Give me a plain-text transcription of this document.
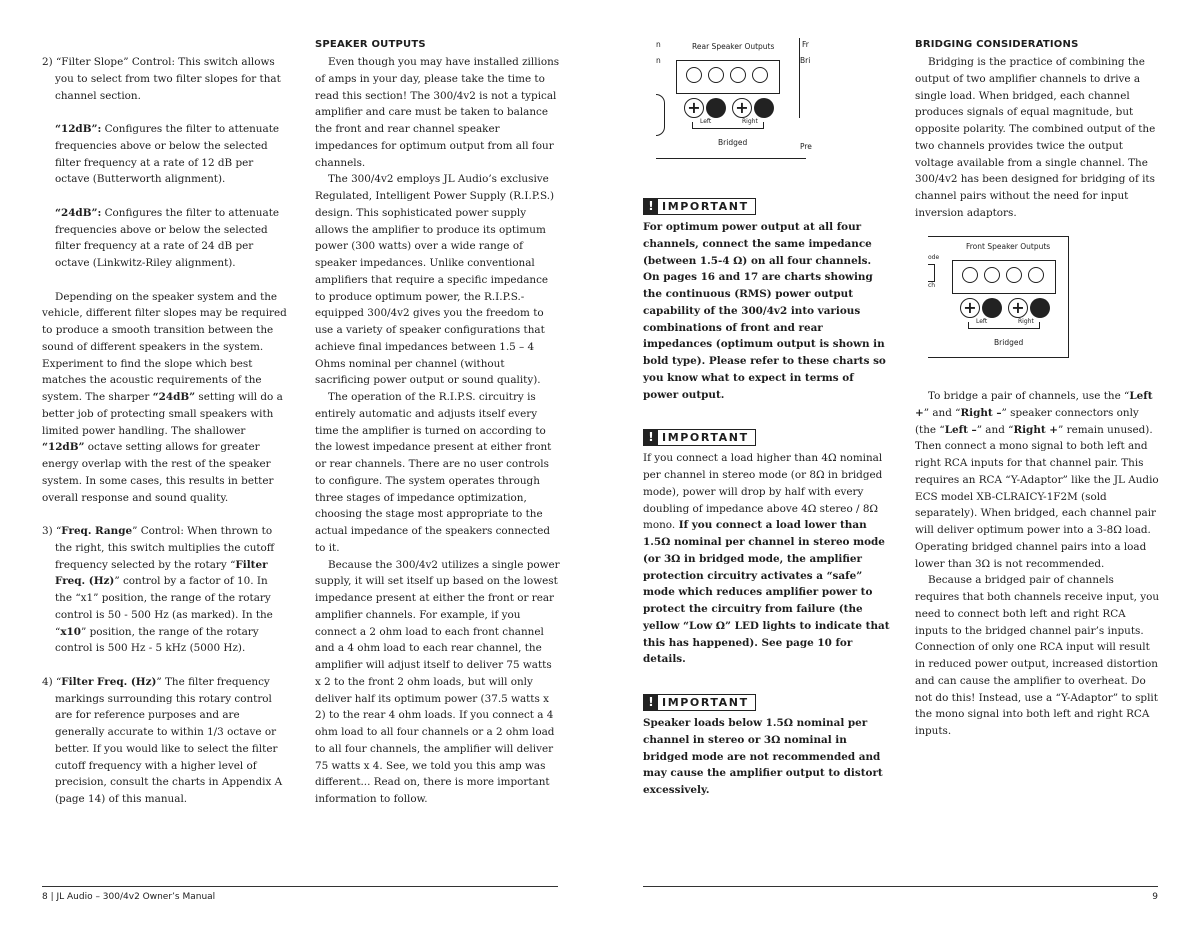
2) “Filter Slope” Control: This switch allows you to select from two filter slopes for that channel section.

“12dB”: Configures the filter to attenuate frequencies above or below the selected filter frequency at a rate of 12 dB per octave (Butterworth alignment).

“24dB”: Configures the filter to attenuate frequencies above or below the selected filter frequency at a rate of 24 dB per octave (Linkwitz-Riley alignment).

Depending on the speaker system and the vehicle, different filter slopes may be required to produce a smooth transition between the sound of different speakers in the system. Experiment to find the slope which best matches the acoustic requirements of the system. The sharper “24dB” setting will do a better job of protecting small speakers with limited power handling. The shallower “12dB” octave setting allows for greater energy overlap with the rest of the speaker system. In some cases, this results in better overall response and sound quality.

3) “Freq. Range” Control: When thrown to the right, this switch multiplies the cutoff frequency selected by the rotary “Filter Freq. (Hz)” control by a factor of 10. In the “x1” position, the range of the rotary control is 50 - 500 Hz (as marked). In the “x10” position, the range of the rotary control is 500 Hz - 5 kHz (5000 Hz).

4) “Filter Freq. (Hz)” The filter frequency markings surrounding this rotary control are for reference purposes and are generally accurate to within 1/3 octave or better. If you would like to select the filter cutoff frequency with a higher level of precision, consult the charts in Appendix A (page 14) of this manual.

SPEAKER OUTPUTS

Even though you may have installed zillions of amps in your day, please take the time to read this section! The 300/4v2 is not a typical amplifier and care must be taken to balance the front and rear channel speaker impedances for optimum output from all four channels.

The 300/4v2 employs JL Audio’s exclusive Regulated, Intelligent Power Supply (R.I.P.S.) design. This sophisticated power supply allows the amplifier to produce its optimum power (300 watts) over a wide range of speaker impedances. Unlike conventional amplifiers that require a specific impedance to produce optimum power, the R.I.P.S.-equipped 300/4v2 gives you the freedom to use a variety of speaker configurations that achieve final impedances between 1.5 – 4 Ohms nominal per channel (without sacrificing power output or sound quality).

The operation of the R.I.P.S. circuitry is entirely automatic and adjusts itself every time the amplifier is turned on according to the lowest impedance present at either front or rear channels. There are no user controls to configure. The system operates through three stages of impedance optimization, choosing the stage most appropriate to the actual impedance of the speakers connected to it.

Because the 300/4v2 utilizes a single power supply, it will set itself up based on the lowest impedance present at either the front or rear amplifier channels. For example, if you connect a 2 ohm load to each front channel and a 4 ohm load to each rear channel, the amplifier will adjust itself to deliver 75 watts x 2 to the front 2 ohm loads, but will only deliver half its optimum power (37.5 watts x 2) to the rear 4 ohm loads. If you connect a 4 ohm load to all four channels or a 2 ohm load to all four channels, the amplifier will deliver 75 watts x 4. See, we told you this amp was different... Read on, there is more important information to follow.

8 | JL Audio – 300/4v2 Owner’s Manual
n
n
Fr
Bri
Pre
Rear Speaker Outputs
+ +
Left	Right
Bridged
! IMPORTANT

For optimum power output at all four channels, connect the same impedance (between 1.5-4 Ω) on all four channels. On pages 16 and 17 are charts showing the continuous (RMS) power output capability of the 300/4v2 into various combinations of front and rear impedances (optimum output is shown in bold type). Please refer to these charts so you know what to expect in terms of power output.

! IMPORTANT

If you connect a load higher than 4Ω nominal per channel in stereo mode (or 8Ω in bridged mode), power will drop by half with every doubling of impedance above 4Ω stereo / 8Ω mono. If you connect a load lower than 1.5Ω nominal per channel in stereo mode (or 3Ω in bridged mode, the amplifier protection circuitry activates a “safe” mode which reduces amplifier power to protect the circuitry from failure (the yellow “Low Ω” LED lights to indicate that this has happened). See page 10 for details.

! IMPORTANT

Speaker loads below 1.5Ω nominal per channel in stereo or 3Ω nominal in bridged mode are not recommended and may cause the amplifier output to distort excessively.

BRIDGING CONSIDERATIONS

Bridging is the practice of combining the output of two amplifier channels to drive a single load. When bridged, each channel produces signals of equal magnitude, but opposite polarity. The combined output of the two channels provides twice the output voltage available from a single channel. The 300/4v2 has been designed for bridging of its channel pairs without the need for input inversion adaptors.

ode
ch
Front Speaker Outputs
+ +
Left	Right
Bridged

To bridge a pair of channels, use the “Left +” and “Right –” speaker connectors only (the “Left –” and “Right +” remain unused). Then connect a mono signal to both left and right RCA inputs for that channel pair. This requires an RCA “Y-Adaptor” like the JL Audio ECS model XB-CLRAICY-1F2M (sold separately). When bridged, each channel pair will deliver optimum power into a 3-8Ω load. Operating bridged channel pairs into a load lower than 3Ω is not recommended.

Because a bridged pair of channels requires that both channels receive input, you need to connect both left and right RCA inputs to the bridged channel pair’s inputs. Connection of only one RCA input will result in reduced power output, increased distortion and can cause the amplifier to overheat. Do not do this! Instead, use a “Y-Adaptor” to split the mono signal into both left and right RCA inputs.

9
